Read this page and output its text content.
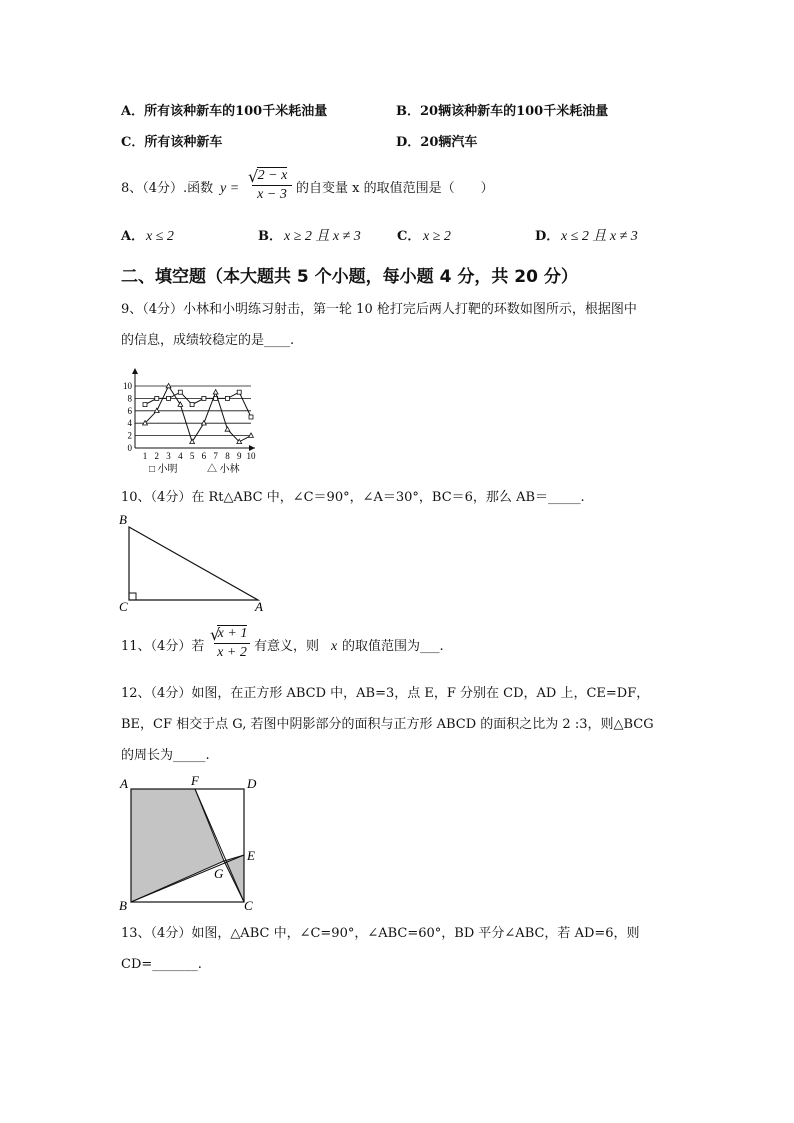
A．所有该种新车的100千米耗油量	B．20辆该种新车的100千米耗油量
C．所有该种新车	D．20辆汽车
8、（4分）.函数 y =
2 − x
x − 3
√
的自变量 x 的取值范围是（　　）
A． x ≤ 2	B． x ≥ 2 且 x ≠ 3	C． x ≥ 2	D． x ≤ 2 且 x ≠ 3
二、填空题（本大题共 5 个小题，每小题 4 分，共 20 分）
9、（4分）小林和小明练习射击，第一轮 10 枪打完后两人打靶的环数如图所示，根据图中
的信息，成绩较稳定的是____.
0
2
4
6
8
10
1 2 3 4 5 6 7 8 9 10
□ 小明	△ 小林
10、（4分）在 Rt△ABC 中，∠C＝90°，∠A＝30°，BC＝6，那么 AB＝_____.
B
C	A
11、（4分）若
√
x + 1
x + 2 有意义，则 x 的取值范围为___.
12、（4分）如图，在正方形 ABCD 中，AB=3，点 E，F 分别在 CD，AD 上，CE=DF，
BE，CF 相交于点 G, 若图中阴影部分的面积与正方形 ABCD 的面积之比为 2 :3，则△BCG
的周长为_____.
A	F	D
E
G
B	C
13、（4分）如图，△ABC 中，∠C=90°，∠ABC=60°，BD 平分∠ABC，若 AD=6，则
CD=_______.
